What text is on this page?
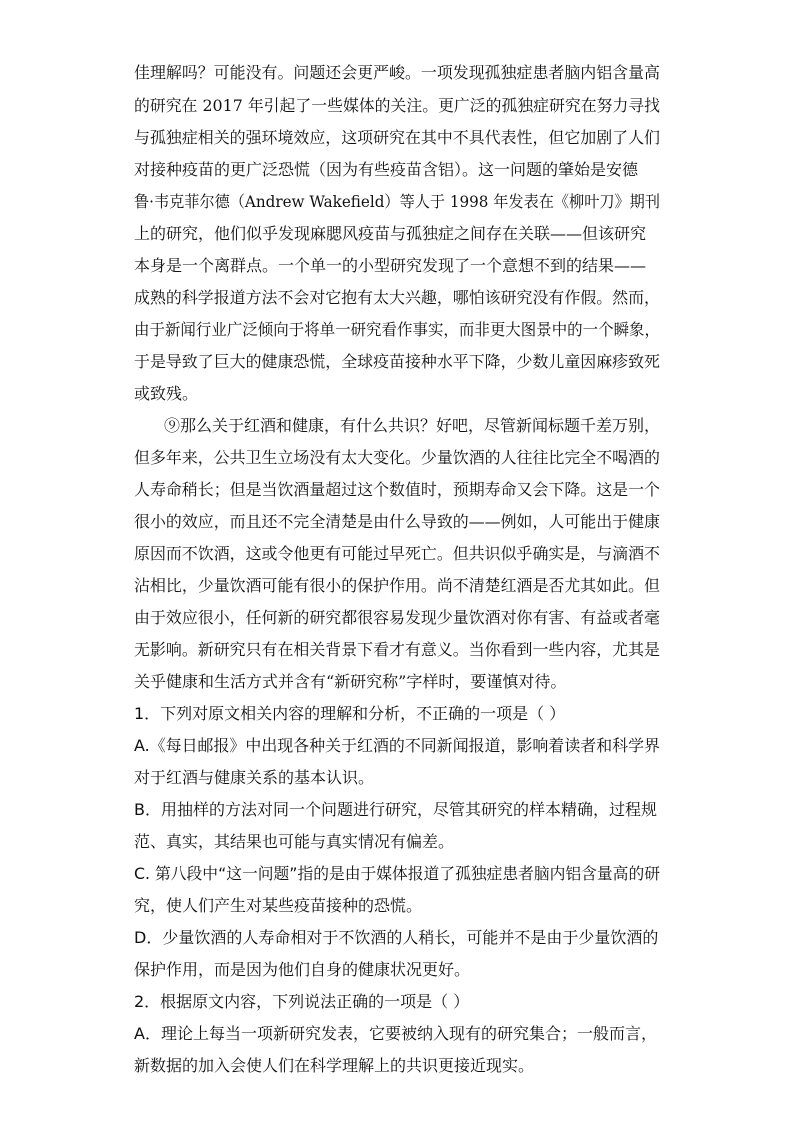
佳理解吗？可能没有。问题还会更严峻。一项发现孤独症患者脑内铝含量高
的研究在 2017 年引起了一些媒体的关注。更广泛的孤独症研究在努力寻找
与孤独症相关的强环境效应，这项研究在其中不具代表性，但它加剧了人们
对接种疫苗的更广泛恐慌（因为有些疫苗含铝）。这一问题的肇始是安德
鲁·韦克菲尔德（Andrew Wakefield）等人于 1998 年发表在《柳叶刀》期刊
上的研究，他们似乎发现麻腮风疫苗与孤独症之间存在关联——但该研究
本身是一个离群点。一个单一的小型研究发现了一个意想不到的结果——
成熟的科学报道方法不会对它抱有太大兴趣，哪怕该研究没有作假。然而，
由于新闻行业广泛倾向于将单一研究看作事实，而非更大图景中的一个瞬象，
于是导致了巨大的健康恐慌，全球疫苗接种水平下降，少数儿童因麻疹致死
或致残。
⑨那么关于红酒和健康，有什么共识？好吧，尽管新闻标题千差万别，
但多年来，公共卫生立场没有太大变化。少量饮酒的人往往比完全不喝酒的
人寿命稍长；但是当饮酒量超过这个数值时，预期寿命又会下降。这是一个
很小的效应，而且还不完全清楚是由什么导致的——例如，人可能出于健康
原因而不饮酒，这或令他更有可能过早死亡。但共识似乎确实是，与滴酒不
沾相比，少量饮酒可能有很小的保护作用。尚不清楚红酒是否尤其如此。但
由于效应很小，任何新的研究都很容易发现少量饮酒对你有害、有益或者毫
无影响。新研究只有在相关背景下看才有意义。当你看到一些内容，尤其是
关乎健康和生活方式并含有“新研究称”字样时，要谨慎对待。
1．下列对原文相关内容的理解和分析，不正确的一项是（ ）
A.《每日邮报》中出现各种关于红酒的不同新闻报道，影响着读者和科学界
对于红酒与健康关系的基本认识。
B．用抽样的方法对同一个问题进行研究，尽管其研究的样本精确，过程规
范、真实，其结果也可能与真实情况有偏差。
C. 第八段中“这一问题”指的是由于媒体报道了孤独症患者脑内铝含量高的研
究，使人们产生对某些疫苗接种的恐慌。
D．少量饮酒的人寿命相对于不饮酒的人稍长，可能并不是由于少量饮酒的
保护作用，而是因为他们自身的健康状况更好。
2．根据原文内容，下列说法正确的一项是（ ）
A．理论上每当一项新研究发表，它要被纳入现有的研究集合；一般而言，
新数据的加入会使人们在科学理解上的共识更接近现实。
